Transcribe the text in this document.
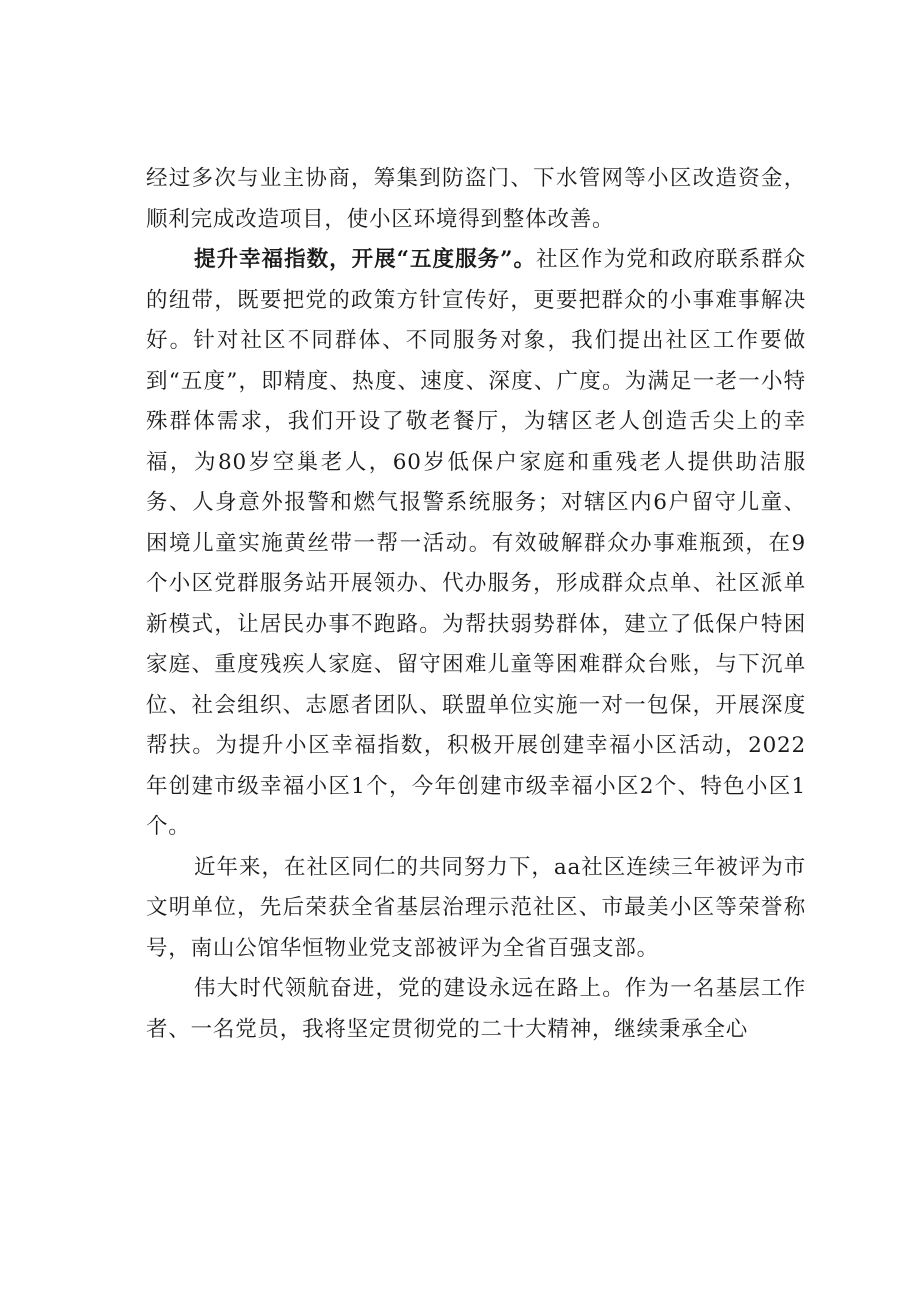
经过多次与业主协商，筹集到防盗门、下水管网等小区改造资金，顺利完成改造项目，使小区环境得到整体改善。

提升幸福指数，开展“五度服务”。社区作为党和政府联系群众的纽带，既要把党的政策方针宣传好，更要把群众的小事难事解决好。针对社区不同群体、不同服务对象，我们提出社区工作要做到“五度”，即精度、热度、速度、深度、广度。为满足一老一小特殊群体需求，我们开设了敬老餐厅，为辖区老人创造舌尖上的幸福，为80岁空巢老人，60岁低保户家庭和重残老人提供助洁服务、人身意外报警和燃气报警系统服务；对辖区内6户留守儿童、困境儿童实施黄丝带一帮一活动。有效破解群众办事难瓶颈，在9个小区党群服务站开展领办、代办服务，形成群众点单、社区派单新模式，让居民办事不跑路。为帮扶弱势群体，建立了低保户特困家庭、重度残疾人家庭、留守困难儿童等困难群众台账，与下沉单位、社会组织、志愿者团队、联盟单位实施一对一包保，开展深度帮扶。为提升小区幸福指数，积极开展创建幸福小区活动，2022年创建市级幸福小区1个，今年创建市级幸福小区2个、特色小区1个。

近年来，在社区同仁的共同努力下，aa社区连续三年被评为市文明单位，先后荣获全省基层治理示范社区、市最美小区等荣誉称号，南山公馆华恒物业党支部被评为全省百强支部。

伟大时代领航奋进，党的建设永远在路上。作为一名基层工作者、一名党员，我将坚定贯彻党的二十大精神，继续秉承全心
